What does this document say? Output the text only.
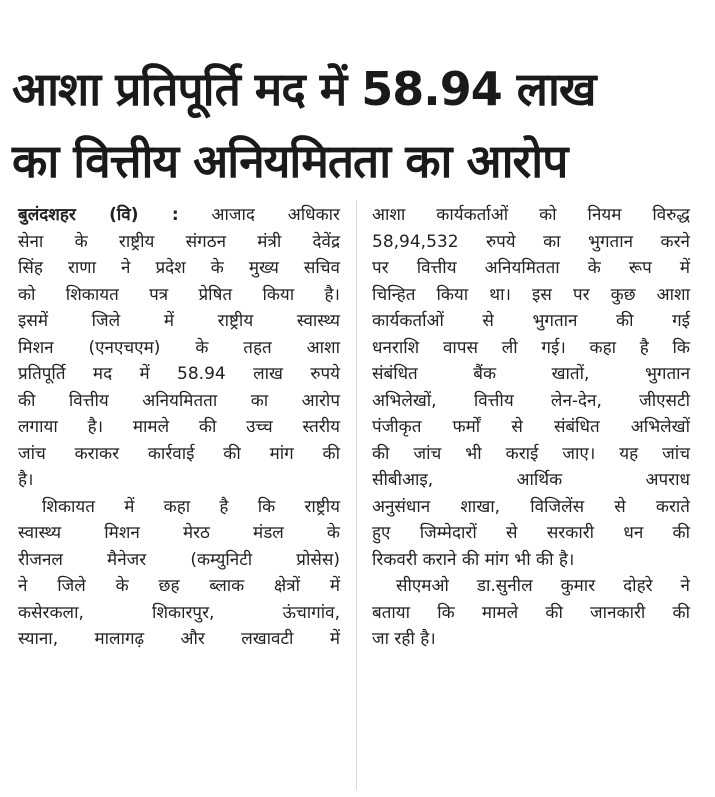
आशा प्रतिपूर्ति मद में 58.94 लाख
का वित्तीय अनियमितता का आरोप
बुलंदशहर (वि) : आजाद अधिकार
सेना के राष्ट्रीय संगठन मंत्री देवेंद्र
सिंह राणा ने प्रदेश के मुख्य सचिव
को शिकायत पत्र प्रेषित किया है।
इसमें जिले में राष्ट्रीय स्वास्थ्य
मिशन (एनएचएम) के तहत आशा
प्रतिपूर्ति मद में 58.94 लाख रुपये
की वित्तीय अनियमितता का आरोप
लगाया है। मामले की उच्च स्तरीय
जांच कराकर कार्रवाई की मांग की
है।
शिकायत में कहा है कि राष्ट्रीय
स्वास्थ्य मिशन मेरठ मंडल के
रीजनल मैनेजर (कम्युनिटी प्रोसेस)
ने जिले के छह ब्लाक क्षेत्रों में
कसेरकला, शिकारपुर, ऊंचागांव,
स्याना, मालागढ़ और लखावटी में
आशा कार्यकर्ताओं को नियम विरुद्ध
58,94,532 रुपये का भुगतान करने
पर वित्तीय अनियमितता के रूप में
चिन्हित किया था। इस पर कुछ आशा
कार्यकर्ताओं से भुगतान की गई
धनराशि वापस ली गई। कहा है कि
संबंधित बैंक खातों, भुगतान
अभिलेखों, वित्तीय लेन-देन, जीएसटी
पंजीकृत फर्मों से संबंधित अभिलेखों
की जांच भी कराई जाए। यह जांच
सीबीआइ, आर्थिक अपराध
अनुसंधान शाखा, विजिलेंस से कराते
हुए जिम्मेदारों से सरकारी धन की
रिकवरी कराने की मांग भी की है।
सीएमओ डा.सुनील कुमार दोहरे ने
बताया कि मामले की जानकारी की
जा रही है।
